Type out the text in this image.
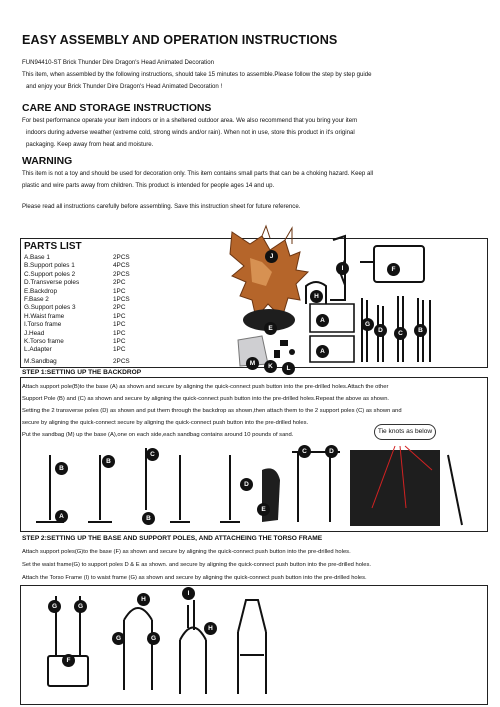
EASY ASSEMBLY AND OPERATION INSTRUCTIONS
FUN94410-ST Brick Thunder Dire Dragon's Head Animated Decoration
This item, when assembled by the following instructions, should take 15 minutes to assemble.Please follow the step by step guide
and enjoy your Brick Thunder Dire Dragon's Head Animated Decoration !
CARE AND STORAGE INSTRUCTIONS
For best performance operate your item indoors or in a sheltered outdoor area. We also recommend that you bring your item
indoors during adverse weather (extreme cold, strong winds and/or rain). When not in use, store this product in it's original
packaging. Keep away from heat and moisture.
WARNING
This item is not a toy and should be used for decoration only. This item contains small parts that can be a choking hazard. Keep all
plastic and wire parts away from children. This product is intended for people ages 14 and up.
Please read all instructions carefully before assembling. Save this instruction sheet for future reference.
PARTS LIST
A.Base 1	2PCS
B.Support poles 1	4PCS
C.Support poles 2	2PCS
D.Transverse poles	2PC
E.Backdrop	1PC
F.Base 2	1PCS
G.Support poles 3	2PC
H.Waist frame	1PC
I.Torso frame	1PC
J.Head	1PC
K.Torso frame	1PC
L.Adapter	1PC
M.Sandbag	2PCS
J
I	F
H
A
G
D	C	B
E
A
M	K	L
STEP 1:SETTING UP THE BACKDROP
Attach support pole(B)to the base (A) as shown and secure by aligning the quick-connect push button into the pre-drilled holes.Attach the other
Support Pole (B) and (C) as shown and secure by aligning the quick-connect push button into the pre-drilled holes.Repeat the above as shown.
Setting the 2 transverse poles (D) as shown and put them through the backdrop as shown,then attach them to the 2 support poles (C) as shown and
secure by aligning the quick-connect secure by aligning the quick-connect push button into the pre-drilled holes.
Put the sandbag (M) up the base (A),one on each side,each sandbag contains around 10 pounds of sand.	Tie knots as below
B
A
B
C
B
D
E
C	D
STEP 2:SETTING UP THE BASE AND SUPPORT POLES, AND ATTACHEING THE TORSO FRAME
Attach support poles(G)to the base (F) as shown and secure by aligning the quick-connect push button into the pre-drilled holes.
Set the waist frame(G) to support poles D & E as shown. and secure by aligning the quick-connect push button into the pre-drilled holes.
Attach the Torso Frame (I) to waist frame (G) as shown and secure by aligning the quick-connect push button into the pre-drilled holes.
G	G
F
H
G	G
I
H
